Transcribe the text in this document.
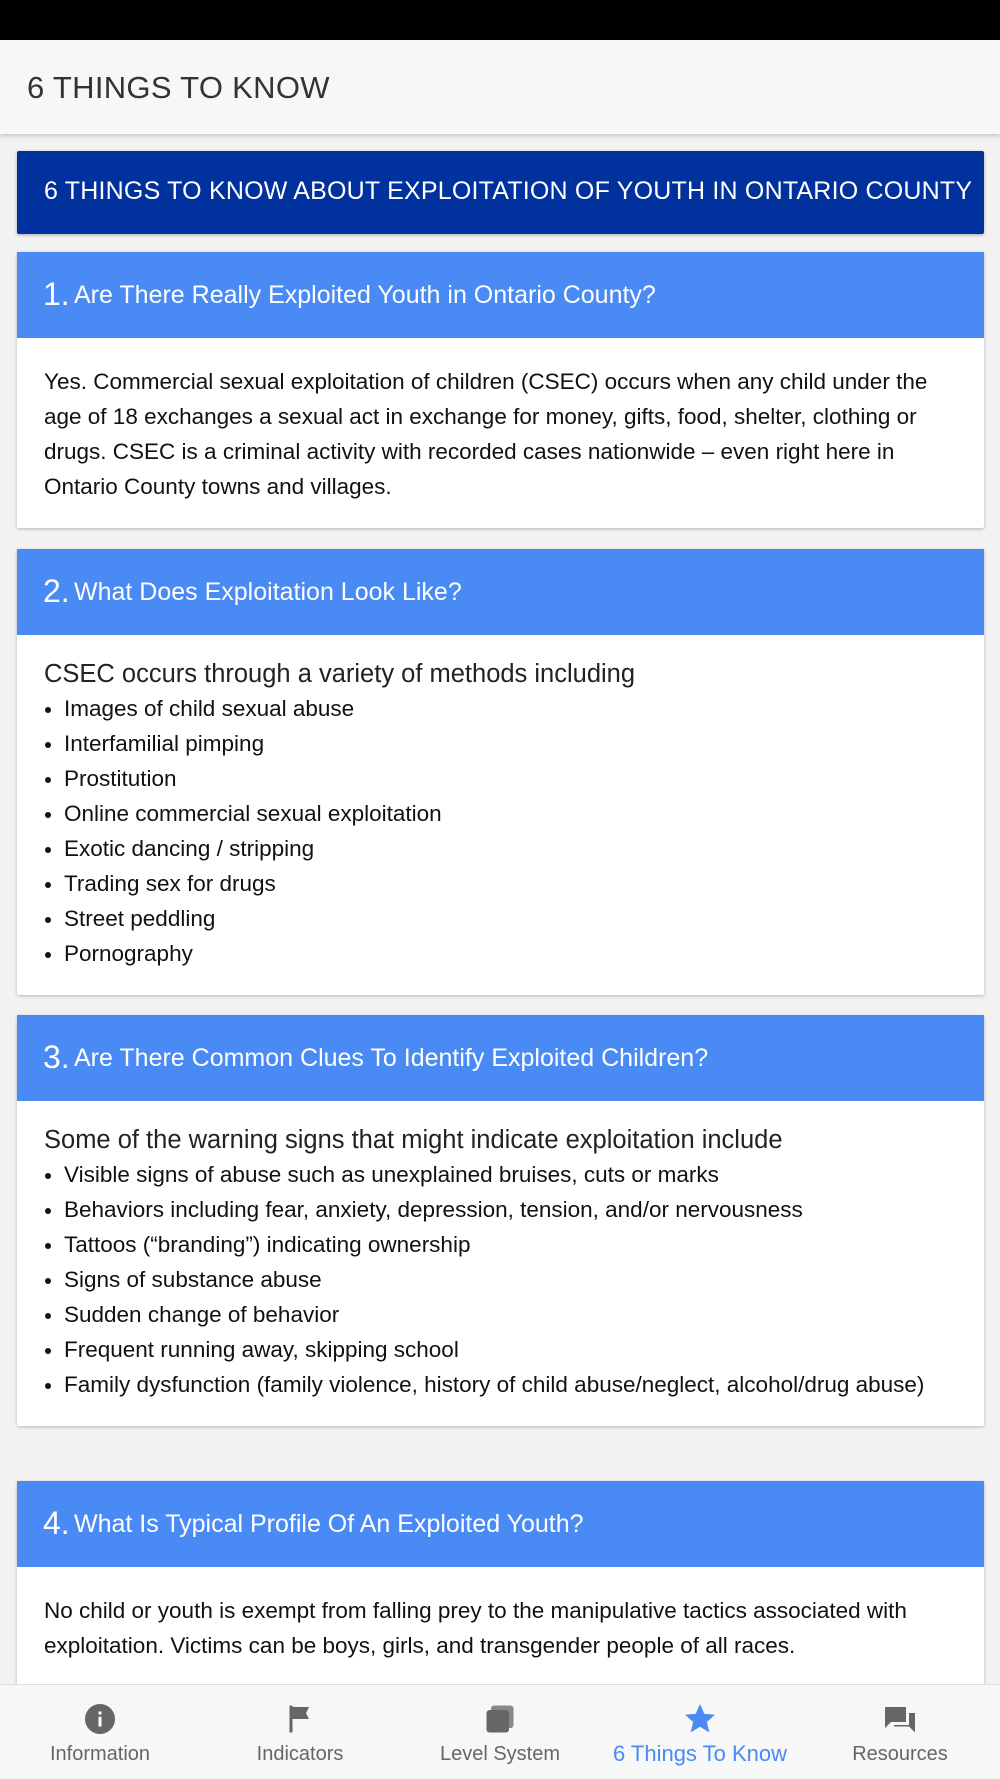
6 THINGS TO KNOW
6 THINGS TO KNOW ABOUT EXPLOITATION OF YOUTH IN ONTARIO COUNTY
1. Are There Really Exploited Youth in Ontario County?

Yes. Commercial sexual exploitation of children (CSEC) occurs when any child under the age of 18 exchanges a sexual act in exchange for money, gifts, food, shelter, clothing or drugs. CSEC is a criminal activity with recorded cases nationwide – even right here in Ontario County towns and villages.

2. What Does Exploitation Look Like?

CSEC occurs through a variety of methods including

Images of child sexual abuse
Interfamilial pimping
Prostitution
Online commercial sexual exploitation
Exotic dancing / stripping
Trading sex for drugs
Street peddling
Pornography
3. Are There Common Clues To Identify Exploited Children?

Some of the warning signs that might indicate exploitation include

Visible signs of abuse such as unexplained bruises, cuts or marks
Behaviors including fear, anxiety, depression, tension, and/or nervousness
Tattoos (“branding”) indicating ownership
Signs of substance abuse
Sudden change of behavior
Frequent running away, skipping school
Family dysfunction (family violence, history of child abuse/neglect, alcohol/drug abuse)
4. What Is Typical Profile Of An Exploited Youth?

No child or youth is exempt from falling prey to the manipulative tactics associated with exploitation. Victims can be boys, girls, and transgender people of all races.

Information	Indicators	Level System	6 Things To Know	Resources
